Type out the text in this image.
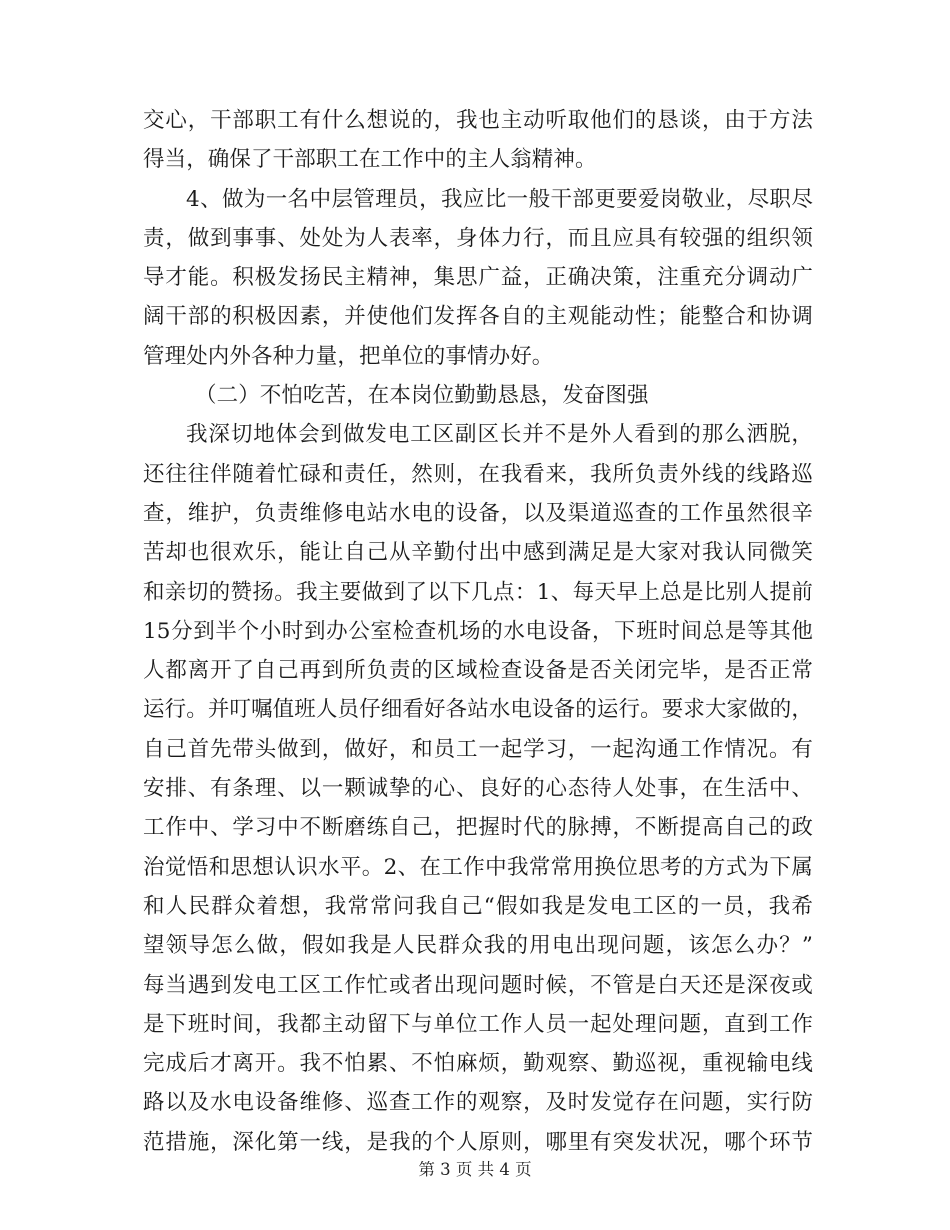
交心，干部职工有什么想说的，我也主动听取他们的恳谈，由于方法
得当，确保了干部职工在工作中的主人翁精神。
4、做为一名中层管理员，我应比一般干部更要爱岗敬业，尽职尽
责，做到事事、处处为人表率，身体力行，而且应具有较强的组织领
导才能。积极发扬民主精神，集思广益，正确决策，注重充分调动广
阔干部的积极因素，并使他们发挥各自的主观能动性；能整合和协调
管理处内外各种力量，把单位的事情办好。
（二）不怕吃苦，在本岗位勤勤恳恳，发奋图强
我深切地体会到做发电工区副区长并不是外人看到的那么洒脱，
还往往伴随着忙碌和责任，然则，在我看来，我所负责外线的线路巡
查，维护，负责维修电站水电的设备，以及渠道巡查的工作虽然很辛
苦却也很欢乐，能让自己从辛勤付出中感到满足是大家对我认同微笑
和亲切的赞扬。我主要做到了以下几点：1、每天早上总是比别人提前
15分到半个小时到办公室检查机场的水电设备，下班时间总是等其他
人都离开了自己再到所负责的区域检查设备是否关闭完毕，是否正常
运行。并叮嘱值班人员仔细看好各站水电设备的运行。要求大家做的，
自己首先带头做到，做好，和员工一起学习，一起沟通工作情况。有
安排、有条理、以一颗诚挚的心、良好的心态待人处事，在生活中、
工作中、学习中不断磨练自己，把握时代的脉搏，不断提高自己的政
治觉悟和思想认识水平。2、在工作中我常常用换位思考的方式为下属
和人民群众着想，我常常问我自己“假如我是发电工区的一员，我希
望领导怎么做，假如我是人民群众我的用电出现问题，该怎么办？”
每当遇到发电工区工作忙或者出现问题时候，不管是白天还是深夜或
是下班时间，我都主动留下与单位工作人员一起处理问题，直到工作
完成后才离开。我不怕累、不怕麻烦，勤观察、勤巡视，重视输电线
路以及水电设备维修、巡查工作的观察，及时发觉存在问题，实行防
范措施，深化第一线，是我的个人原则，哪里有突发状况，哪个环节
第 3 页 共 4 页
